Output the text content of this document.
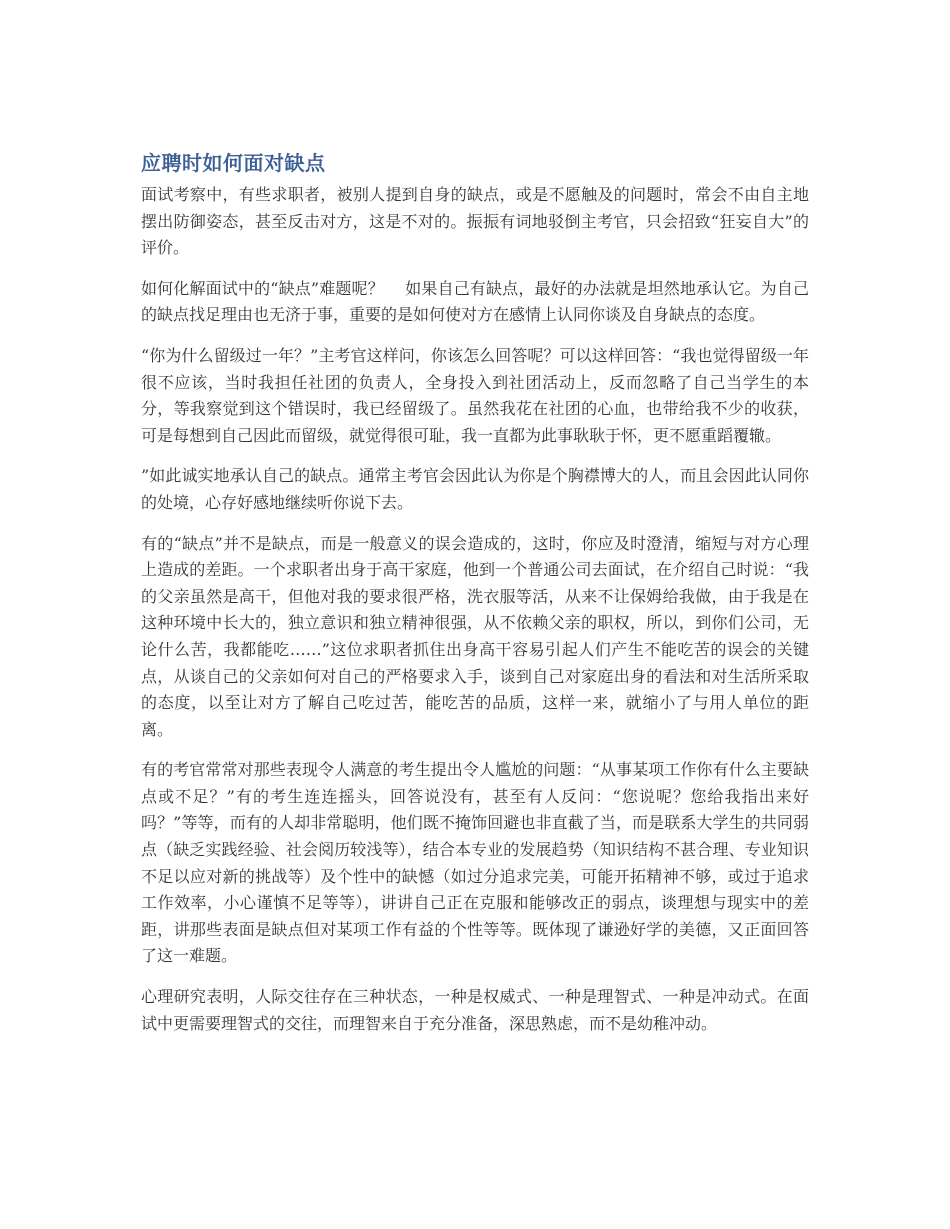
应聘时如何面对缺点

面试考察中，有些求职者，被别人提到自身的缺点，或是不愿触及的问题时，常会不由自主地摆出防御姿态，甚至反击对方，这是不对的。振振有词地驳倒主考官，只会招致“狂妄自大”的评价。

如何化解面试中的“缺点”难题呢？　 如果自己有缺点，最好的办法就是坦然地承认它。为自己的缺点找足理由也无济于事，重要的是如何使对方在感情上认同你谈及自身缺点的态度。

“你为什么留级过一年？”主考官这样问，你该怎么回答呢？可以这样回答：“我也觉得留级一年很不应该，当时我担任社团的负责人，全身投入到社团活动上，反而忽略了自己当学生的本分，等我察觉到这个错误时，我已经留级了。虽然我花在社团的心血，也带给我不少的收获，可是每想到自己因此而留级，就觉得很可耻，我一直都为此事耿耿于怀，更不愿重蹈覆辙。

”如此诚实地承认自己的缺点。通常主考官会因此认为你是个胸襟博大的人，而且会因此认同你的处境，心存好感地继续听你说下去。

有的“缺点”并不是缺点，而是一般意义的误会造成的，这时，你应及时澄清，缩短与对方心理上造成的差距。一个求职者出身于高干家庭，他到一个普通公司去面试，在介绍自己时说：“我的父亲虽然是高干，但他对我的要求很严格，洗衣服等活，从来不让保姆给我做，由于我是在这种环境中长大的，独立意识和独立精神很强，从不依赖父亲的职权，所以，到你们公司，无论什么苦，我都能吃……”这位求职者抓住出身高干容易引起人们产生不能吃苦的误会的关键点，从谈自己的父亲如何对自己的严格要求入手，谈到自己对家庭出身的看法和对生活所采取的态度，以至让对方了解自己吃过苦，能吃苦的品质，这样一来，就缩小了与用人单位的距离。

有的考官常常对那些表现令人满意的考生提出令人尴尬的问题：“从事某项工作你有什么主要缺点或不足？”有的考生连连摇头，回答说没有，甚至有人反问：“您说呢？您给我指出来好吗？”等等，而有的人却非常聪明，他们既不掩饰回避也非直截了当，而是联系大学生的共同弱点（缺乏实践经验、社会阅历较浅等），结合本专业的发展趋势（知识结构不甚合理、专业知识不足以应对新的挑战等）及个性中的缺憾（如过分追求完美，可能开拓精神不够，或过于追求工作效率，小心谨慎不足等等），讲讲自己正在克服和能够改正的弱点，谈理想与现实中的差距，讲那些表面是缺点但对某项工作有益的个性等等。既体现了谦逊好学的美德，又正面回答了这一难题。

心理研究表明，人际交往存在三种状态，一种是权威式、一种是理智式、一种是冲动式。在面试中更需要理智式的交往，而理智来自于充分准备，深思熟虑，而不是幼稚冲动。
